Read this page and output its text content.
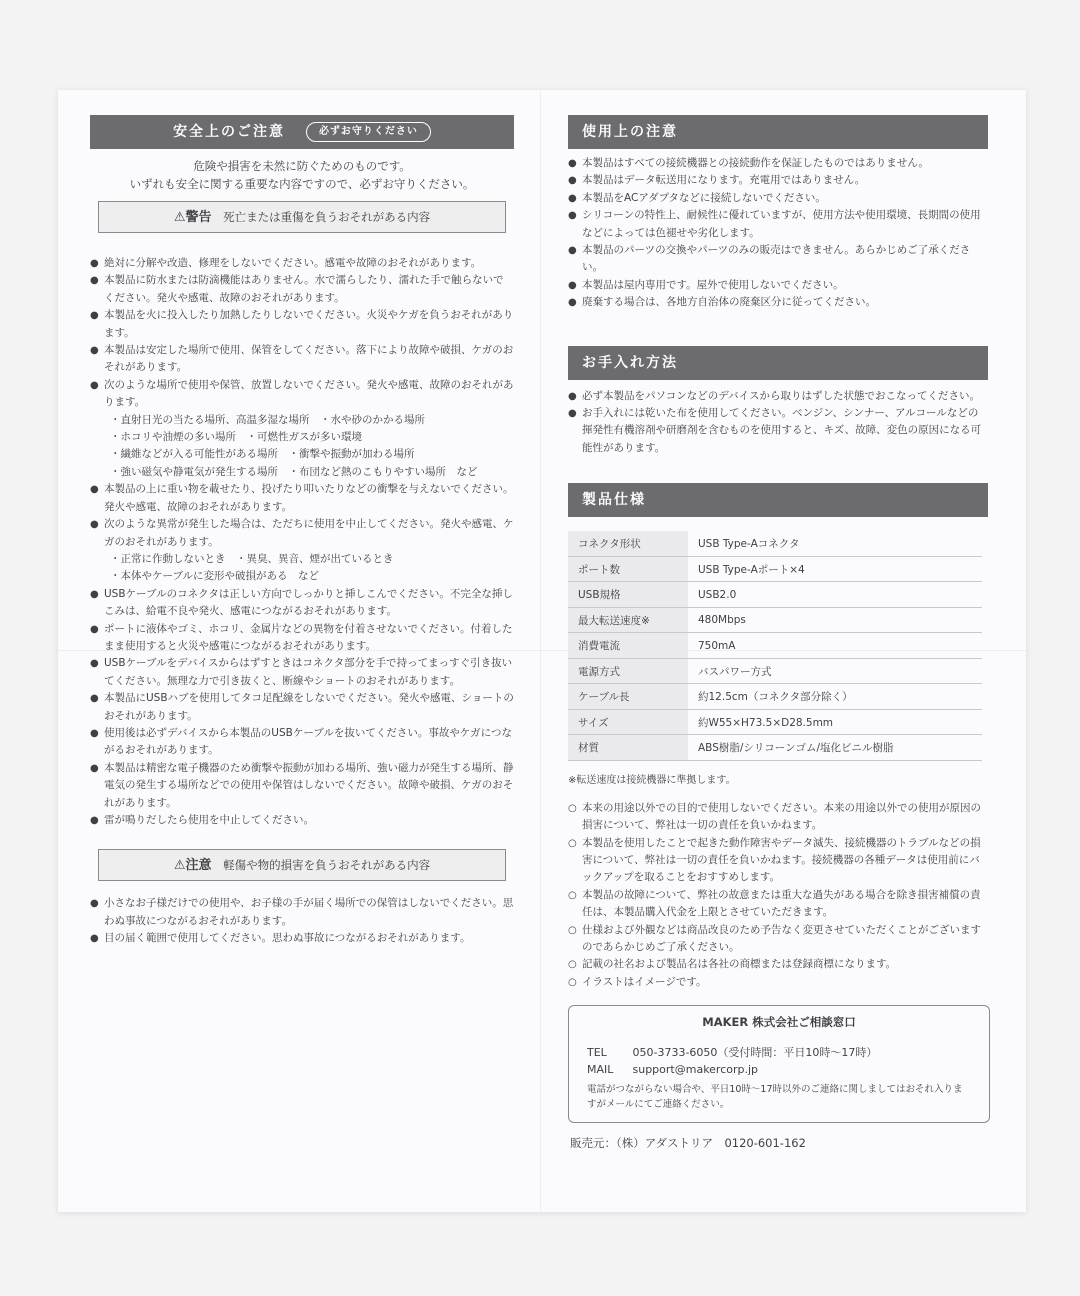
安全上のご注意	必ずお守りください
危険や損害を未然に防ぐためのものです。
いずれも安全に関する重要な内容ですので、必ずお守りください。
⚠警告 死亡または重傷を負うおそれがある内容
● 絶対に分解や改造、修理をしないでください。感電や故障のおそれがあります。
● 本製品に防水または防滴機能はありません。水で濡らしたり、濡れた手で触らないでください。発火や感電、故障のおそれがあります。
● 本製品を火に投入したり加熱したりしないでください。火災やケガを負うおそれがあります。
● 本製品は安定した場所で使用、保管をしてください。落下により故障や破損、ケガのおそれがあります。
● 次のような場所で使用や保管、放置しないでください。発火や感電、故障のおそれがあります。
・直射日光の当たる場所、高温多湿な場所　・水や砂のかかる場所
・ホコリや油煙の多い場所　・可燃性ガスが多い環境
・繊維などが入る可能性がある場所　・衝撃や振動が加わる場所
・強い磁気や静電気が発生する場所　・布団など熱のこもりやすい場所　など
● 本製品の上に重い物を載せたり、投げたり叩いたりなどの衝撃を与えないでください。発火や感電、故障のおそれがあります。
● 次のような異常が発生した場合は、ただちに使用を中止してください。発火や感電、ケガのおそれがあります。
・正常に作動しないとき　・異臭、異音、煙が出ているとき
・本体やケーブルに変形や破損がある　など
● USBケーブルのコネクタは正しい方向でしっかりと挿しこんでください。不完全な挿しこみは、給電不良や発火、感電につながるおそれがあります。
● ポートに液体やゴミ、ホコリ、金属片などの異物を付着させないでください。付着したまま使用すると火災や感電につながるおそれがあります。
● USBケーブルをデバイスからはずすときはコネクタ部分を手で持ってまっすぐ引き抜いてください。無理な力で引き抜くと、断線やショートのおそれがあります。
● 本製品にUSBハブを使用してタコ足配線をしないでください。発火や感電、ショートのおそれがあります。
● 使用後は必ずデバイスから本製品のUSBケーブルを抜いてください。事故やケガにつながるおそれがあります。
● 本製品は精密な電子機器のため衝撃や振動が加わる場所、強い磁力が発生する場所、静電気の発生する場所などでの使用や保管はしないでください。故障や破損、ケガのおそれがあります。
● 雷が鳴りだしたら使用を中止してください。
⚠注意 軽傷や物的損害を負うおそれがある内容
● 小さなお子様だけでの使用や、お子様の手が届く場所での保管はしないでください。思わぬ事故につながるおそれがあります。
● 目の届く範囲で使用してください。思わぬ事故につながるおそれがあります。
使用上の注意
● 本製品はすべての接続機器との接続動作を保証したものではありません。
● 本製品はデータ転送用になります。充電用ではありません。
● 本製品をACアダプタなどに接続しないでください。
● シリコーンの特性上、耐候性に優れていますが、使用方法や使用環境、長期間の使用などによっては色褪せや劣化します。
● 本製品のパーツの交換やパーツのみの販売はできません。あらかじめご了承ください。
● 本製品は屋内専用です。屋外で使用しないでください。
● 廃棄する場合は、各地方自治体の廃棄区分に従ってください。
お手入れ方法
● 必ず本製品をパソコンなどのデバイスから取りはずした状態でおこなってください。
● お手入れには乾いた布を使用してください。ベンジン、シンナー、アルコールなどの揮発性有機溶剤や研磨剤を含むものを使用すると、キズ、故障、変色の原因になる可能性があります。
製品仕様
コネクタ形状	USB Type-Aコネクタ
ポート数	USB Type-Aポート×4
USB規格	USB2.0
最大転送速度※	480Mbps
消費電流	750mA
電源方式	バスパワー方式
ケーブル長	約12.5cm（コネクタ部分除く）
サイズ	約W55×H73.5×D28.5mm
材質	ABS樹脂/シリコーンゴム/塩化ビニル樹脂
※転送速度は接続機器に準拠します。
○ 本来の用途以外での目的で使用しないでください。本来の用途以外での使用が原因の損害について、弊社は一切の責任を負いかねます。
○ 本製品を使用したことで起きた動作障害やデータ滅失、接続機器のトラブルなどの損害について、弊社は一切の責任を負いかねます。接続機器の各種データは使用前にバックアップを取ることをおすすめします。
○ 本製品の故障について、弊社の故意または重大な過失がある場合を除き損害補償の責任は、本製品購入代金を上限とさせていただきます。
○ 仕様および外観などは商品改良のため予告なく変更させていただくことがございますのであらかじめご了承ください。
○ 記載の社名および製品名は各社の商標または登録商標になります。
○ イラストはイメージです。
MAKER 株式会社ご相談窓口
TEL 050-3733-6050（受付時間：平日10時～17時）
MAIL support@makercorp.jp
電話がつながらない場合や、平日10時～17時以外のご連絡に関しましてはおそれ入りますがメールにてご連絡ください。
販売元：（株）アダストリア　0120-601-162
